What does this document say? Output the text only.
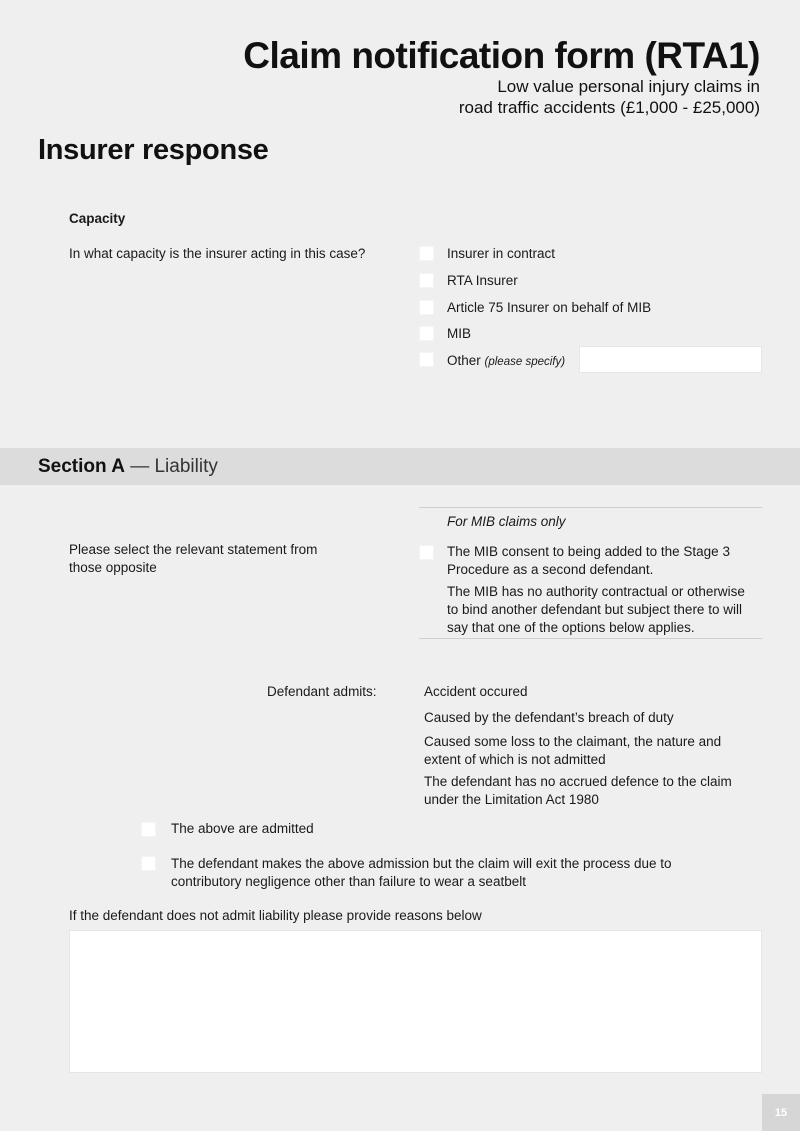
Claim notification form (RTA1)
Low value personal injury claims in
road traffic accidents (£1,000 - £25,000)
Insurer response
Capacity
In what capacity is the insurer acting in this case?	Insurer in contract
RTA Insurer
Article 75 Insurer on behalf of MIB
MIB
Other (please specify)
Section A — Liability
For MIB claims only
Please select the relevant statement from
those opposite
The MIB consent to being added to the Stage 3
Procedure as a second defendant.
The MIB has no authority contractual or otherwise
to bind another defendant but subject there to will
say that one of the options below applies.
Defendant admits:	Accident occured
Caused by the defendant’s breach of duty
Caused some loss to the claimant, the nature and
extent of which is not admitted
The defendant has no accrued defence to the claim
under the Limitation Act 1980
The above are admitted
The defendant makes the above admission but the claim will exit the process due to
contributory negligence other than failure to wear a seatbelt
If the defendant does not admit liability please provide reasons below
15
